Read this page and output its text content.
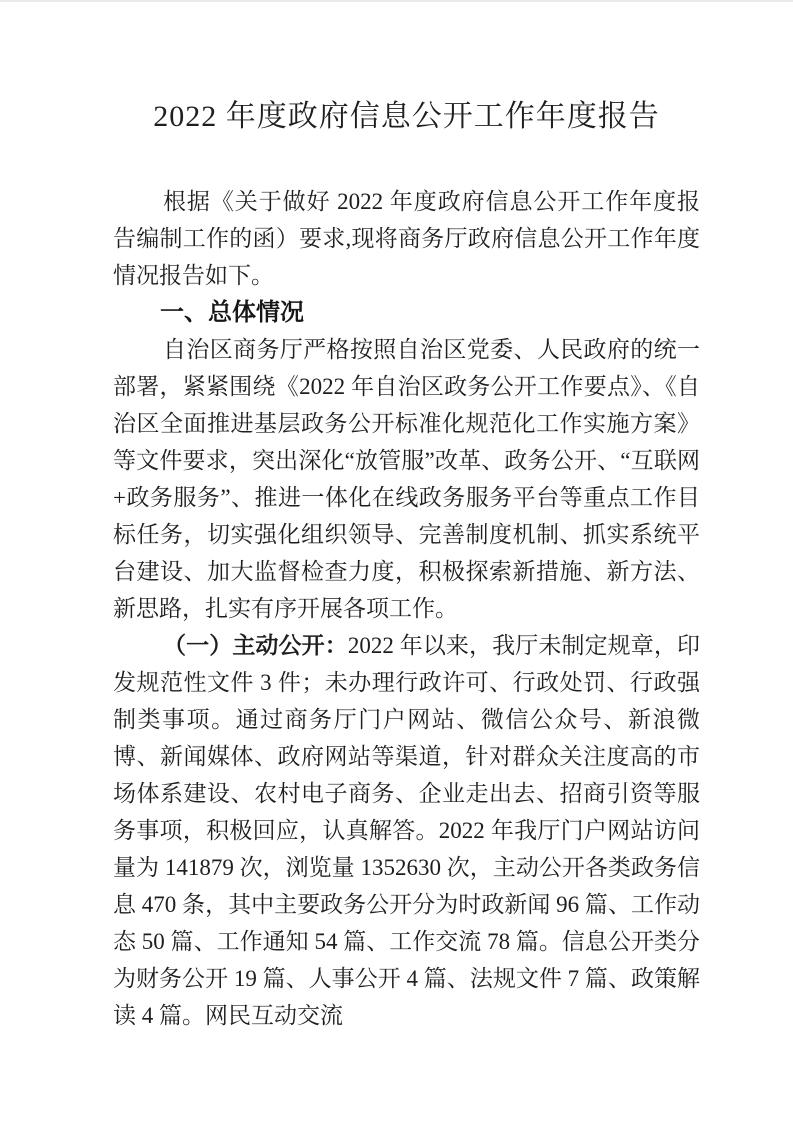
2022 年度政府信息公开工作年度报告

根据《关于做好 2022 年度政府信息公开工作年度报告编制工作的函）要求,现将商务厅政府信息公开工作年度情况报告如下。

一、总体情况

自治区商务厅严格按照自治区党委、人民政府的统一部署，紧紧围绕《2022 年自治区政务公开工作要点》、《自治区全面推进基层政务公开标准化规范化工作实施方案》等文件要求，突出深化“放管服”改革、政务公开、“互联网+政务服务”、推进一体化在线政务服务平台等重点工作目标任务，切实强化组织领导、完善制度机制、抓实系统平台建设、加大监督检查力度，积极探索新措施、新方法、新思路，扎实有序开展各项工作。

（一）主动公开：2022 年以来，我厅未制定规章，印发规范性文件 3 件；未办理行政许可、行政处罚、行政强制类事项。通过商务厅门户网站、微信公众号、新浪微博、新闻媒体、政府网站等渠道，针对群众关注度高的市场体系建设、农村电子商务、企业走出去、招商引资等服务事项，积极回应，认真解答。2022 年我厅门户网站访问量为 141879 次，浏览量 1352630 次，主动公开各类政务信息 470 条，其中主要政务公开分为时政新闻 96 篇、工作动态 50 篇、工作通知 54 篇、工作交流 78 篇。信息公开类分为财务公开 19 篇、人事公开 4 篇、法规文件 7 篇、政策解读 4 篇。网民互动交流
